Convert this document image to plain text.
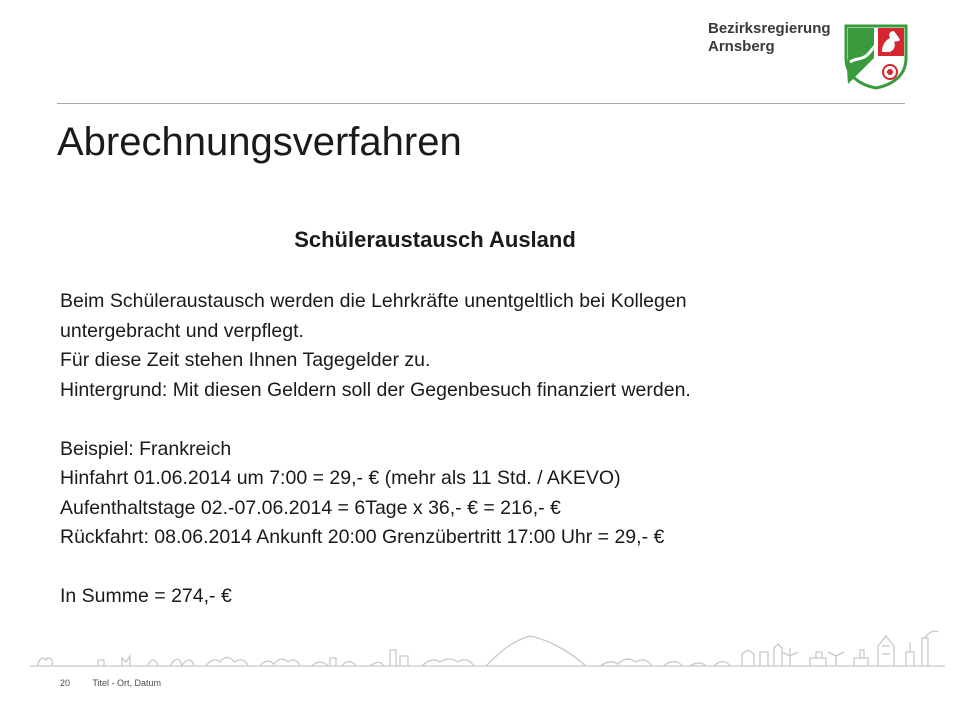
Bezirksregierung
Arnsberg
Abrechnungsverfahren
Schüleraustausch Ausland
Beim Schüleraustausch werden die Lehrkräfte unentgeltlich bei Kollegen
untergebracht und verpflegt.
Für diese Zeit stehen Ihnen Tagegelder zu.
Hintergrund: Mit diesen Geldern soll der Gegenbesuch finanziert werden.
Beispiel: Frankreich
Hinfahrt 01.06.2014 um 7:00 = 29,- € (mehr als 11 Std. / AKEVO)
Aufenthaltstage 02.-07.06.2014 = 6Tage x 36,- € = 216,- €
Rückfahrt: 08.06.2014 Ankunft 20:00 Grenzübertritt 17:00 Uhr = 29,- €
In Summe = 274,- €
20 Titel - Ort, Datum
